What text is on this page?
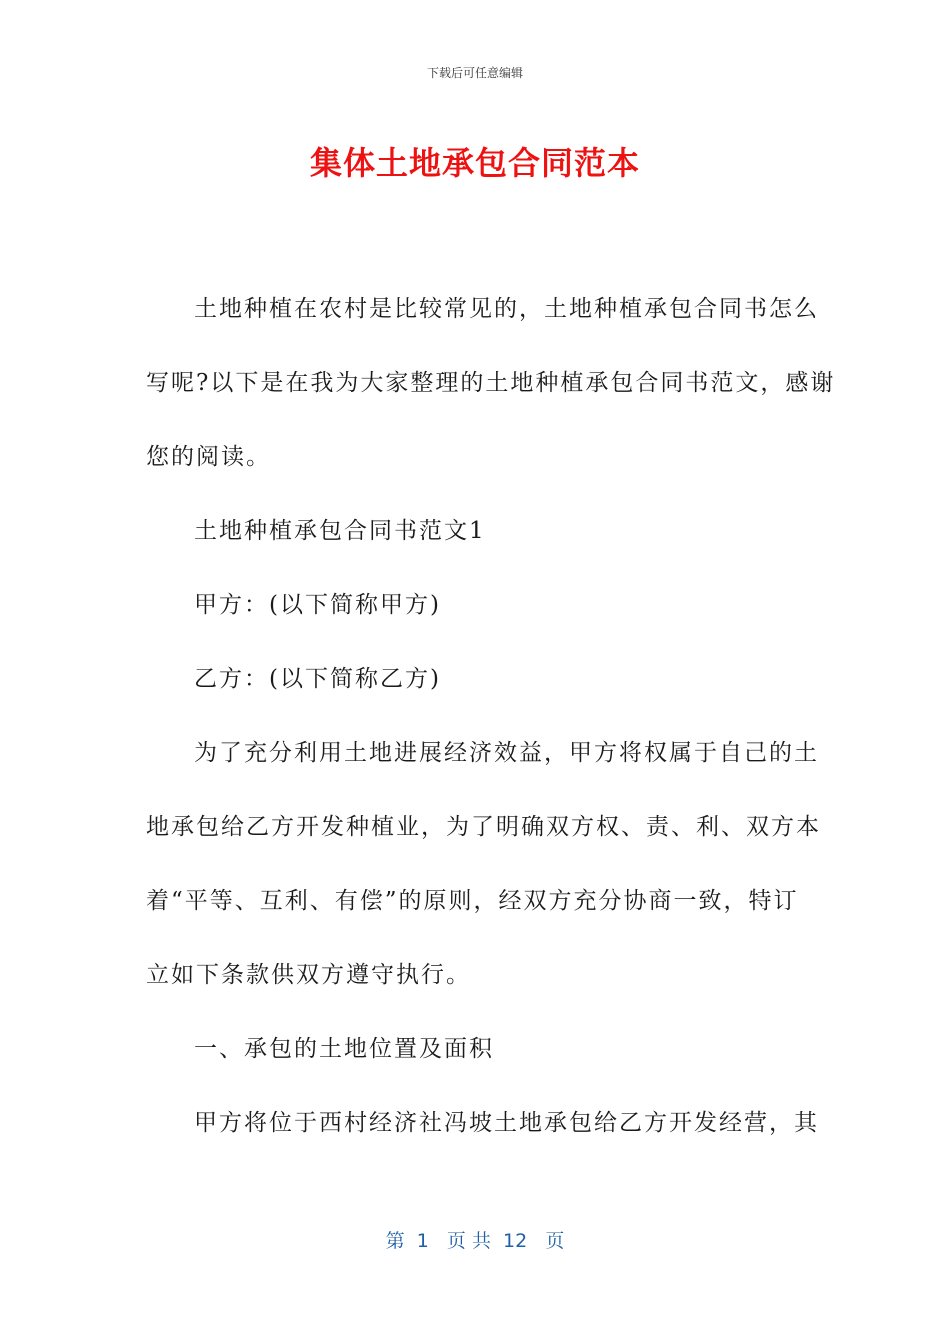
下载后可任意编辑
集体土地承包合同范本

土地种植在农村是比较常见的，土地种植承包合同书怎么

写呢?以下是在我为大家整理的土地种植承包合同书范文，感谢

您的阅读。

土地种植承包合同书范文1

甲方：(以下简称甲方)

乙方：(以下简称乙方)

为了充分利用土地进展经济效益，甲方将权属于自己的土

地承包给乙方开发种植业，为了明确双方权、责、利、双方本

着“平等、互利、有偿”的原则，经双方充分协商一致，特订

立如下条款供双方遵守执行。

一、承包的土地位置及面积

甲方将位于西村经济社冯坡土地承包给乙方开发经营，其

第  1   页 共  12   页
